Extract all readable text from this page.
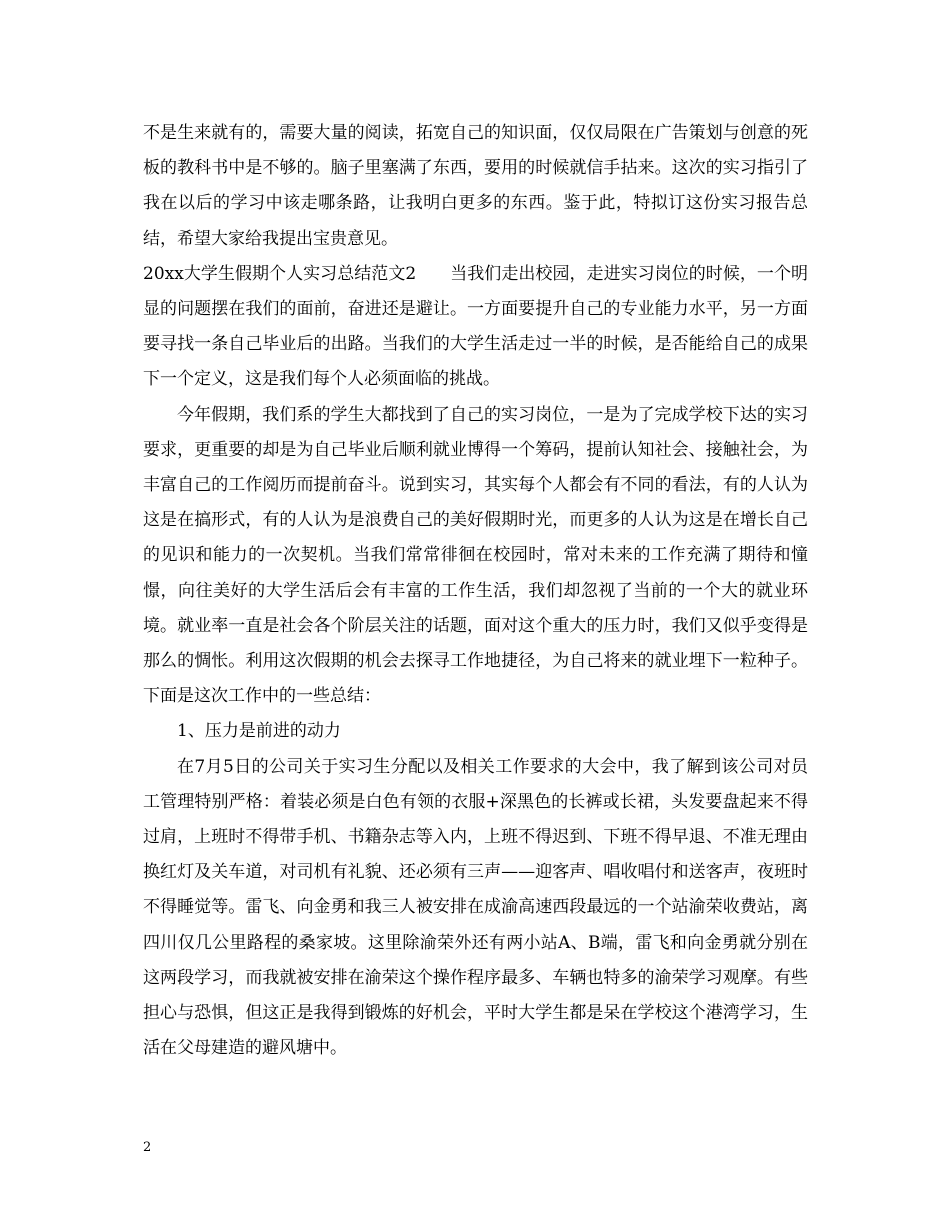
不是生来就有的，需要大量的阅读，拓宽自己的知识面，仅仅局限在广告策划与创意的死板的教科书中是不够的。脑子里塞满了东西，要用的时候就信手拈来。这次的实习指引了我在以后的学习中该走哪条路，让我明白更多的东西。鉴于此，特拟订这份实习报告总结，希望大家给我提出宝贵意见。

20xx大学生假期个人实习总结范文2   当我们走出校园，走进实习岗位的时候，一个明显的问题摆在我们的面前，奋进还是避让。一方面要提升自己的专业能力水平，另一方面要寻找一条自己毕业后的出路。当我们的大学生活走过一半的时候，是否能给自己的成果下一个定义，这是我们每个人必须面临的挑战。

今年假期，我们系的学生大都找到了自己的实习岗位，一是为了完成学校下达的实习要求，更重要的却是为自己毕业后顺利就业博得一个筹码，提前认知社会、接触社会，为丰富自己的工作阅历而提前奋斗。说到实习，其实每个人都会有不同的看法，有的人认为这是在搞形式，有的人认为是浪费自己的美好假期时光，而更多的人认为这是在增长自己的见识和能力的一次契机。当我们常常徘徊在校园时，常对未来的工作充满了期待和憧憬，向往美好的大学生活后会有丰富的工作生活，我们却忽视了当前的一个大的就业环境。就业率一直是社会各个阶层关注的话题，面对这个重大的压力时，我们又似乎变得是那么的惆怅。利用这次假期的机会去探寻工作地捷径，为自己将来的就业埋下一粒种子。下面是这次工作中的一些总结：

1、压力是前进的动力

在7月5日的公司关于实习生分配以及相关工作要求的大会中，我了解到该公司对员工管理特别严格：着装必须是白色有领的衣服+深黑色的长裤或长裙，头发要盘起来不得过肩，上班时不得带手机、书籍杂志等入内，上班不得迟到、下班不得早退、不准无理由换红灯及关车道，对司机有礼貌、还必须有三声——迎客声、唱收唱付和送客声，夜班时不得睡觉等。雷飞、向金勇和我三人被安排在成渝高速西段最远的一个站渝荣收费站，离四川仅几公里路程的桑家坡。这里除渝荣外还有两小站A、B端，雷飞和向金勇就分别在这两段学习，而我就被安排在渝荣这个操作程序最多、车辆也特多的渝荣学习观摩。有些担心与恐惧，但这正是我得到锻炼的好机会，平时大学生都是呆在学校这个港湾学习，生活在父母建造的避风塘中。

2
